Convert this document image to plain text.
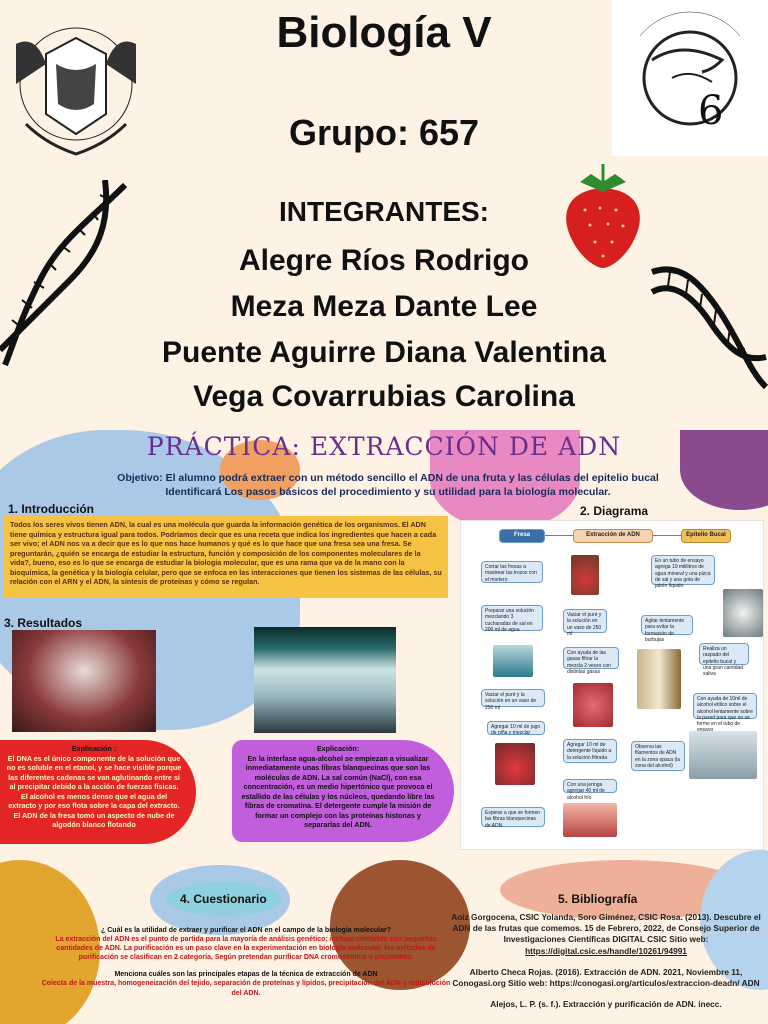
6
Biología V
Grupo: 657
INTEGRANTES:
Alegre Ríos Rodrigo
Meza Meza Dante Lee
Puente Aguirre Diana Valentina
Vega Covarrubias Carolina
PRÁCTICA: EXTRACCIÓN DE ADN
Objetivo: El alumno podrá extraer con un método sencillo el ADN de una fruta y las células del epitelio bucal Identificará Los pasos básicos del procedimiento y su utilidad para la biología molecular.
1. Introducción
Todos los seres vivos tienen ADN, la cual es una molécula que guarda la información genética de los organismos. El ADN tiene química y estructura igual para todos. Podríamos decir que es una receta que indica los ingredientes que hacen a cada ser vivo; el ADN nos va a decir que es lo que nos hace humanos y qué es lo que hace que una fresa sea una fresa. Se preguntarán, ¿quién se encarga de estudiar la estructura, función y composición de los componentes moleculares de la vida?, bueno, eso es lo que se encarga de estudiar la biología molecular, que es una rama que va de la mano con la bioquímica, la genética y la biología celular, pero que se enfoca en las interacciones que tienen los sistemas de las células, su relación con el ARN y el ADN, la síntesis de proteínas y cómo se regulan.
2. Diagrama
Fresa	Extracción de ADN	Epitelio Bucal
Cortar las fresas a mastrear las trozos con el mortero
Preparar una solución mezclando 3 cucharadas de sal en 200 ml de agua
Vaciar el puré y la solución en un vaso de 250 ml
Con ayuda de las gasas filtrar la mezcla 2 veces con distintas gasas
Vaciar el puré y la solución en un vaso de 250 ml
Agregar 10 ml de jugo de piña y mezclar
Agregar 10 ml de detergente líquido a la solución filtrada
Con una jeringa agregar 40 ml de alcohol frío
Esperar a que se formen las fibras blanquecinas de ADN
En un tubo de ensayo agrega 10 mililitros de agua mineral y una pizca de sal y una gota de jabón líquido
Agitar lentamente para evitar la formación de burbujas
Realiza un raspado del epitelio bucal y una gran cantidad saliva
Con ayuda de 10ml de alcohol etílico sobre el alcohol lentamente sobre la pared para que no se forme en el tubo de
Observa las filamentos de ADN en la zona opaca (la zona del alcohol)
3. Resultados
Explicación :
El DNA es el único componente de la solución que no es soluble en el etanol, y se hace visible porque las diferentes cadenas se van aglutinando entre sí al precipitar debido a la acción de fuerzas físicas. El alcohol es menos denso que el agua del extracto y por eso flota sobre la capa del extracto. El ADN de la fresa tomó un aspecto de nube de algodón blanco flotando
Explicación:
En la interfase agua-alcohol se empiezan a visualizar inmediatamente unas fibras blanquecinas que son las moléculas de ADN. La sal común (NaCl), con esa concentración, es un medio hipertónico que provoca el estallido de las células y los núcleos, quedando libre las fibras de cromatina. El detergente cumple la misión de formar un complejo con las proteínas histonas y separarlas del ADN.
4. Cuestionario
¿ Cuál es la utilidad de extraer y purificar el ADN en el campo de la biología molecular?
La extracción del ADN es el punto de partida para la mayoría de análisis genético; incluso contando con pequeñas cantidades de ADN. La purificación es un paso clave en la experimentación en biología molecular, los métodos de purificación se clasifican en 2 categoría, Según pretendan purificar DNA cromosómico o plasmídico.
Menciona cuáles son las principales etapas de la técnica de extracción de ADN
Colecta de la muestra, homogeneización del tejido, separación de proteínas y lípidos, precipitación del ADN y redisolución del ADN.
5. Bibliografía
Aoiz Gorgocena, CSIC Yolanda, Soro Giménez, CSIC Rosa. (2013). Descubre el ADN de las frutas que comemos. 15 de Febrero, 2022, de Consejo Superior de Investigaciones Científicas DIGITAL CSIC Sitio web:
https://digital.csic.es/handle/10261/94991
Alberto Checa Rojas. (2016). Extracción de ADN. 2021, Noviembre 11, Conogasi.org Sitio web: https://conogasi.org/articulos/extraccion-deadn/ ADN
Alejos, L. P. (s. f.). Extracción y purificación de ADN. inecc.
